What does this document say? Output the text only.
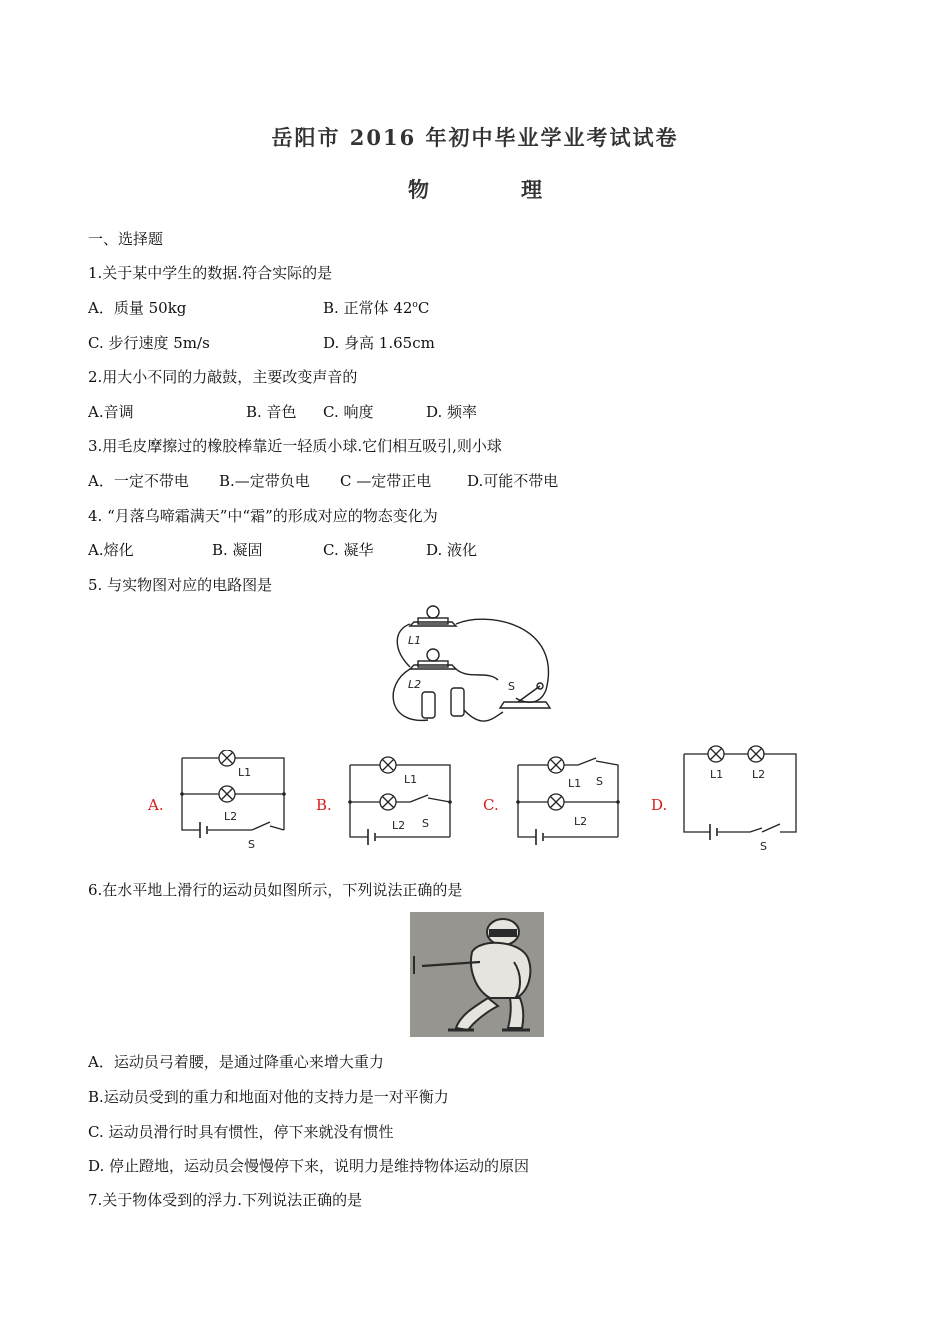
岳阳市 2016 年初中毕业学业考试试卷
物	理
一、选择题
1.关于某中学生的数据.符合实际的是
A．质量 50kg	B. 正常体 42$^o$C
C. 步行速度 5m/s	D. 身高 1.65cm
2.用大小不同的力敲鼓，主要改变声音的
A.音调	B. 音色 C. 响度	D. 频率
3.用毛皮摩擦过的橡胶棒靠近一轻质小球.它们相互吸引,则小球
A．一定不带电 B.—定带负电 C —定带正电 D.可能不带电
4. “月落乌啼霜满天”中“霜”的形成对应的物态变化为
A.熔化	B. 凝固	C. 凝华	D. 液化
5. 与实物图对应的电路图是
L1
L2	S
A.	B.	C.	D.
L1
L2
S
L1
L2 S
L1 S
L2
L1	L2
S
6.在水平地上滑行的运动员如图所示，下列说法正确的是
A．运动员弓着腰，是通过降重心来增大重力
B.运动员受到的重力和地面对他的支持力是一对平衡力
C. 运动员滑行时具有惯性，停下来就没有惯性
D. 停止蹬地，运动员会慢慢停下来，说明力是维持物体运动的原因
7.关于物体受到的浮力.下列说法正确的是
